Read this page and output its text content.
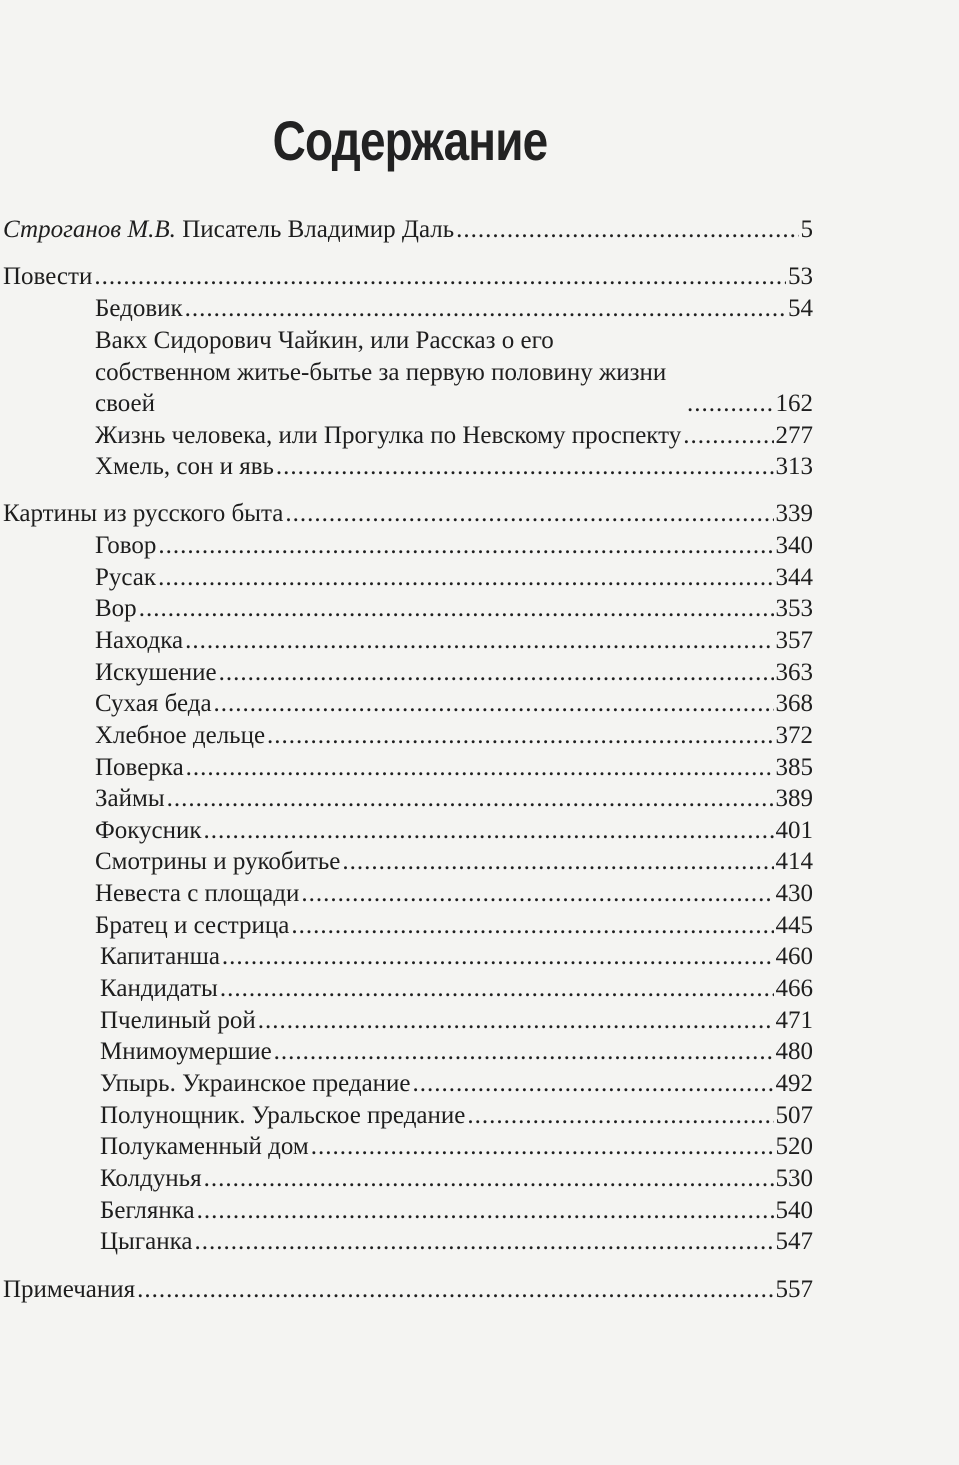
Содержание
Строганов М.В. Писатель Владимир Даль .....	5
Повести .....	53
Бедовик .....	54
Вакх Сидорович Чайкин, или Рассказ о его собственном житье-бытье за первую половину жизни своей .....	162
Жизнь человека, или Прогулка по Невскому проспекту .....	277
Хмель, сон и явь .....	313
Картины из русского быта .....	339
Говор .....	340
Русак .....	344
Вор .....	353
Находка .....	357
Искушение .....	363
Сухая беда .....	368
Хлебное дельце .....	372
Поверка .....	385
Займы .....	389
Фокусник .....	401
Смотрины и рукобитье .....	414
Невеста с площади .....	430
Братец и сестрица .....	445
Капитанша .....	460
Кандидаты .....	466
Пчелиный рой .....	471
Мнимоумершие .....	480
Упырь. Украинское предание .....	492
Полунощник. Уральское предание .....	507
Полукаменный дом .....	520
Колдунья .....	530
Беглянка .....	540
Цыганка .....	547
Примечания .....	557
